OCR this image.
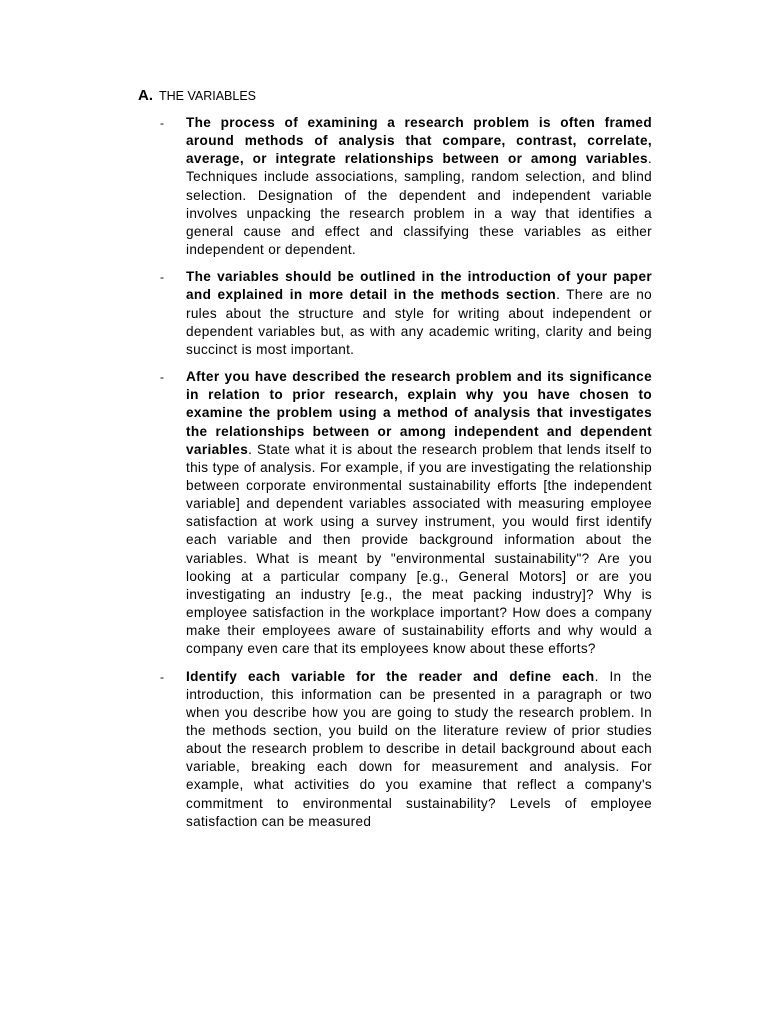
A. THE VARIABLES
- The process of examining a research problem is often framed around methods of analysis that compare, contrast, correlate, average, or integrate relationships between or among variables. Techniques include associations, sampling, random selection, and blind selection. Designation of the dependent and independent variable involves unpacking the research problem in a way that identifies a general cause and effect and classifying these variables as either independent or dependent.
- The variables should be outlined in the introduction of your paper and explained in more detail in the methods section. There are no rules about the structure and style for writing about independent or dependent variables but, as with any academic writing, clarity and being succinct is most important.
- After you have described the research problem and its significance in relation to prior research, explain why you have chosen to examine the problem using a method of analysis that investigates the relationships between or among independent and dependent variables. State what it is about the research problem that lends itself to this type of analysis. For example, if you are investigating the relationship between corporate environmental sustainability efforts [the independent variable] and dependent variables associated with measuring employee satisfaction at work using a survey instrument, you would first identify each variable and then provide background information about the variables. What is meant by "environmental sustainability"? Are you looking at a particular company [e.g., General Motors] or are you investigating an industry [e.g., the meat packing industry]? Why is employee satisfaction in the workplace important? How does a company make their employees aware of sustainability efforts and why would a company even care that its employees know about these efforts?
- Identify each variable for the reader and define each. In the introduction, this information can be presented in a paragraph or two when you describe how you are going to study the research problem. In the methods section, you build on the literature review of prior studies about the research problem to describe in detail background about each variable, breaking each down for measurement and analysis. For example, what activities do you examine that reflect a company's commitment to environmental sustainability? Levels of employee satisfaction can be measured
